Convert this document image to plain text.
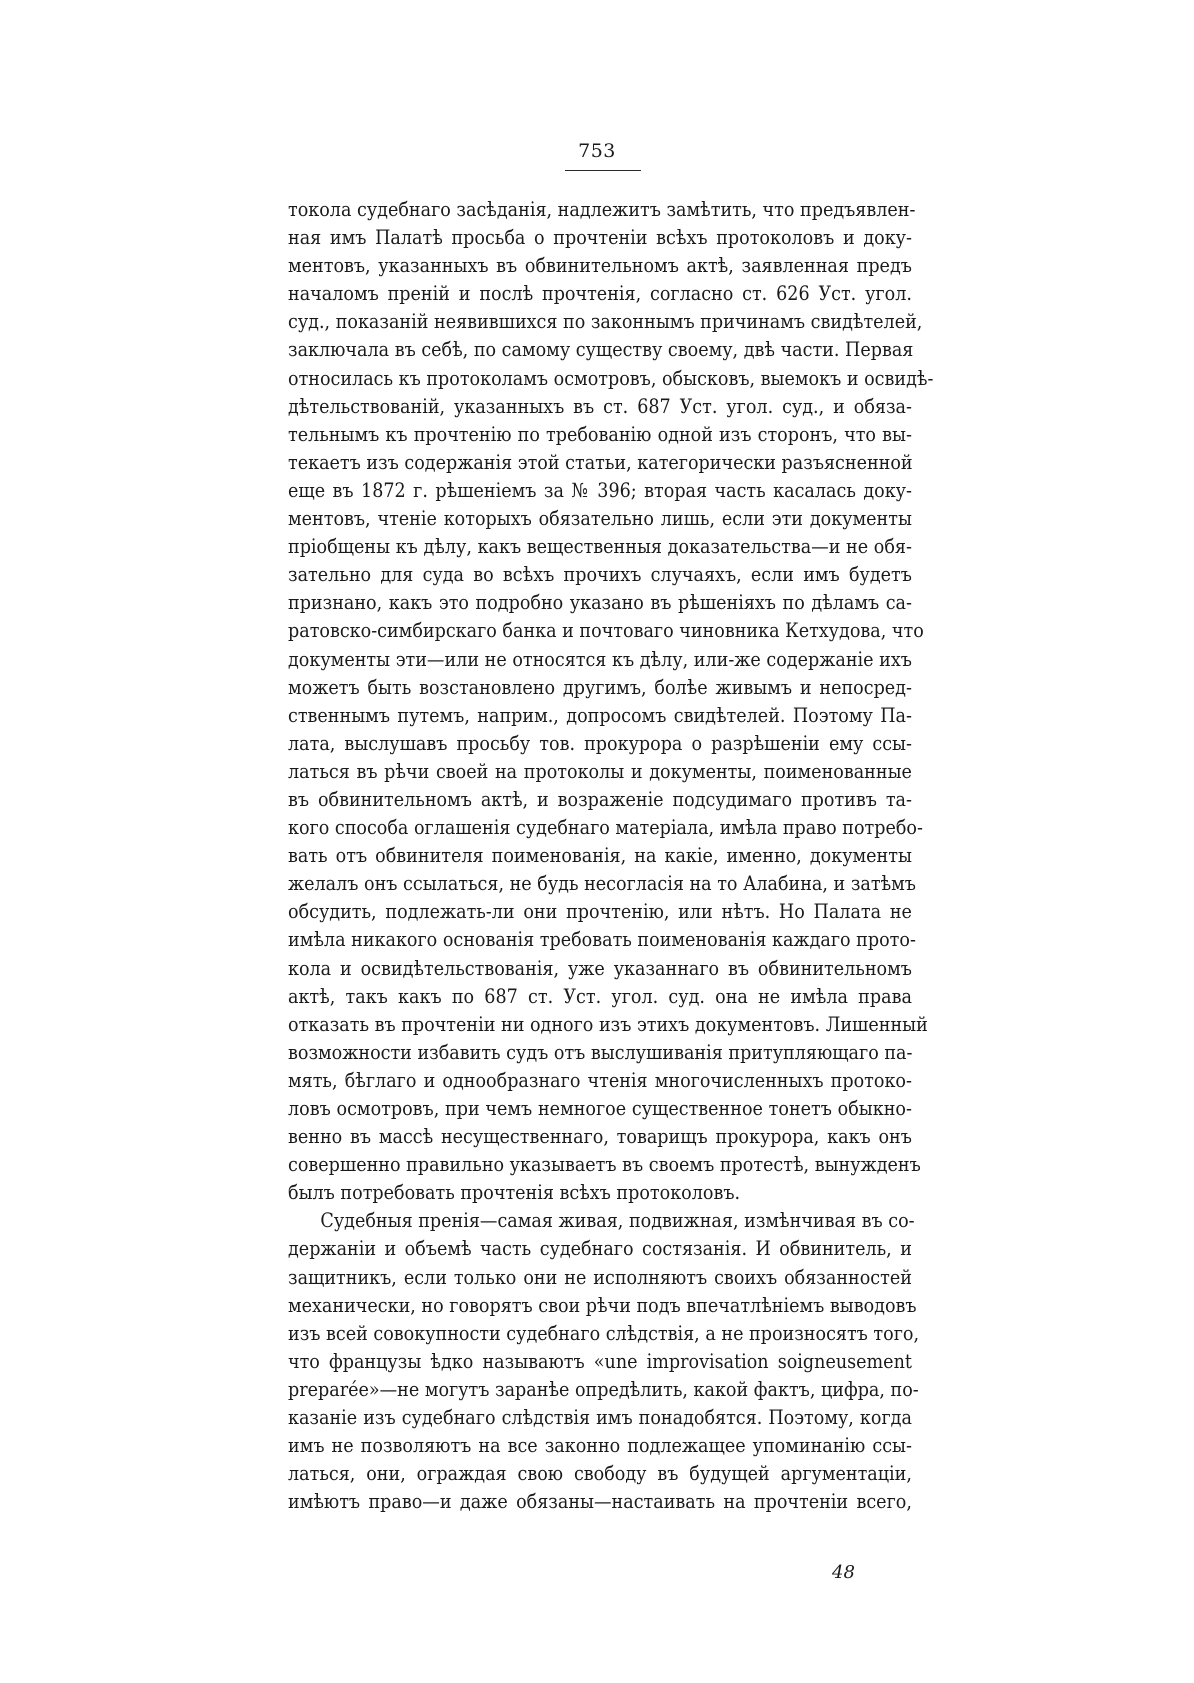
753
токола судебнаго засѣданія, надлежитъ замѣтить, что предъявлен-
ная имъ Палатѣ просьба о прочтеніи всѣхъ протоколовъ и доку-
ментовъ, указанныхъ въ обвинительномъ актѣ, заявленная предъ
началомъ преній и послѣ прочтенія, согласно ст. 626 Уст. угол.
суд., показаній неявившихся по законнымъ причинамъ свидѣтелей,
заключала въ себѣ, по самому существу своему, двѣ части. Первая
относилась къ протоколамъ осмотровъ, обысковъ, выемокъ и освидѣ-
дѣтельствованій, указанныхъ въ ст. 687 Уст. угол. суд., и обяза-
тельнымъ къ прочтенію по требованію одной изъ сторонъ, что вы-
текаетъ изъ содержанія этой статьи, категорически разъясненной
еще въ 1872 г. рѣшеніемъ за № 396; вторая часть касалась доку-
ментовъ, чтеніе которыхъ обязательно лишь, если эти документы
пріобщены къ дѣлу, какъ вещественныя доказательства—и не обя-
зательно для суда во всѣхъ прочихъ случаяхъ, если имъ будетъ
признано, какъ это подробно указано въ рѣшеніяхъ по дѣламъ са-
ратовско-симбирскаго банка и почтоваго чиновника Кетхудова, что
документы эти—или не относятся къ дѣлу, или-же содержаніе ихъ
можетъ быть возстановлено другимъ, болѣе живымъ и непосред-
ственнымъ путемъ, наприм., допросомъ свидѣтелей. Поэтому Па-
лата, выслушавъ просьбу тов. прокурора о разрѣшеніи ему ссы-
латься въ рѣчи своей на протоколы и документы, поименованные
въ обвинительномъ актѣ, и возраженіе подсудимаго противъ та-
кого способа оглашенія судебнаго матеріала, имѣла право потребо-
вать отъ обвинителя поименованія, на какіе, именно, документы
желалъ онъ ссылаться, не будь несогласія на то Алабина, и затѣмъ
обсудить, подлежать-ли они прочтенію, или нѣтъ. Но Палата не
имѣла никакого основанія требовать поименованія каждаго прото-
кола и освидѣтельствованія, уже указаннаго въ обвинительномъ
актѣ, такъ какъ по 687 ст. Уст. угол. суд. она не имѣла права
отказать въ прочтеніи ни одного изъ этихъ документовъ. Лишенный
возможности избавить судъ отъ выслушиванія притупляющаго па-
мять, бѣглаго и однообразнаго чтенія многочисленныхъ протоко-
ловъ осмотровъ, при чемъ немногое существенное тонетъ обыкно-
венно въ массѣ несущественнаго, товарищъ прокурора, какъ онъ
совершенно правильно указываетъ въ своемъ протестѣ, вынужденъ
былъ потребовать прочтенія всѣхъ протоколовъ.
Судебныя пренія—самая живая, подвижная, измѣнчивая въ со-
держаніи и объемѣ часть судебнаго состязанія. И обвинитель, и
защитникъ, если только они не исполняютъ своихъ обязанностей
механически, но говорятъ свои рѣчи подъ впечатлѣніемъ выводовъ
изъ всей совокупности судебнаго слѣдствія, а не произносятъ того,
что французы ѣдко называютъ «une improvisation soigneusement
preparée»—не могутъ заранѣе опредѣлить, какой фактъ, цифра, по-
казаніе изъ судебнаго слѣдствія имъ понадобятся. Поэтому, когда
имъ не позволяютъ на все законно подлежащее упоминанію ссы-
латься, они, ограждая свою свободу въ будущей аргументаціи,
имѣютъ право—и даже обязаны—настаивать на прочтеніи всего,
48
